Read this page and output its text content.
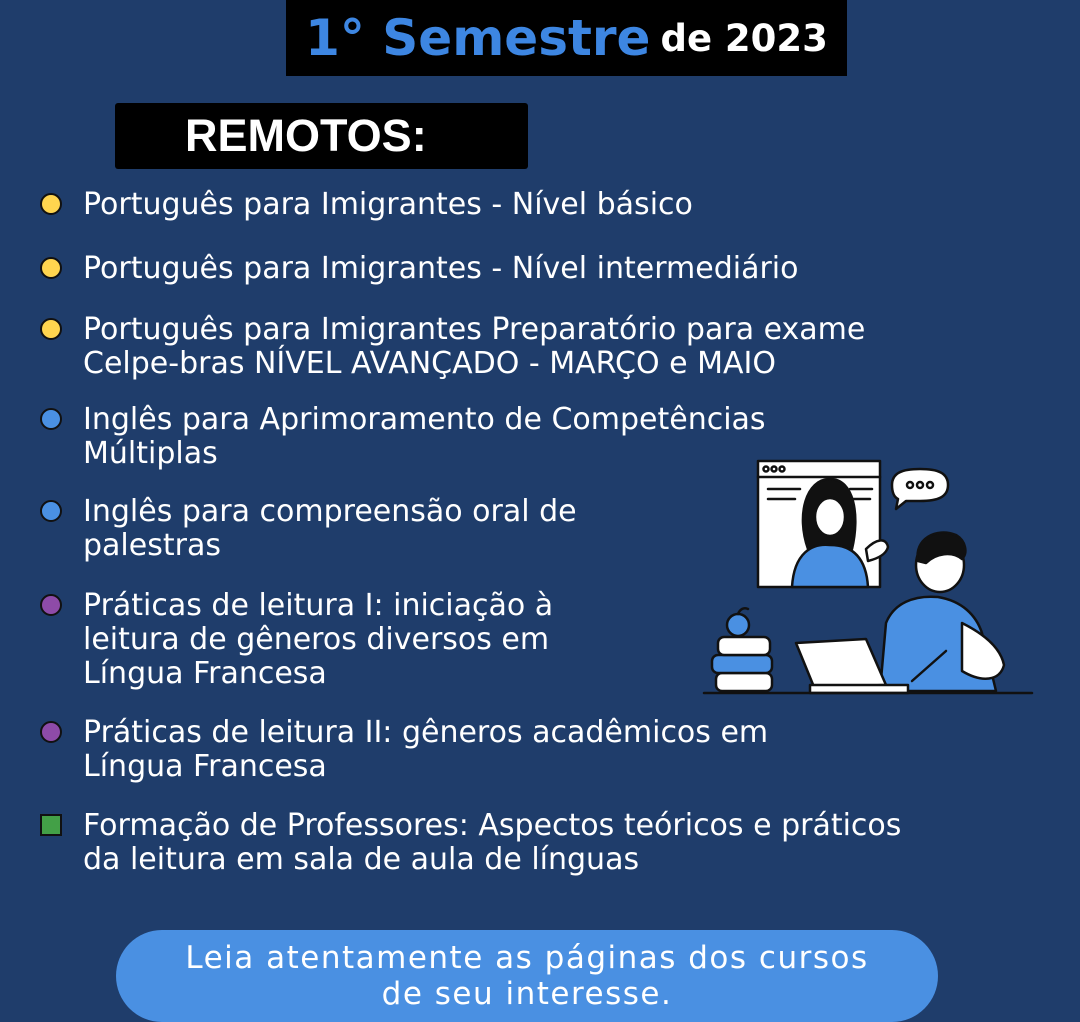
1° Semestre de 2023
REMOTOS:
Português para Imigrantes - Nível básico
Português para Imigrantes - Nível intermediário
Português para Imigrantes Preparatório para exame
Celpe-bras NÍVEL AVANÇADO - MARÇO e MAIO
Inglês para Aprimoramento de Competências
Múltiplas
Inglês para compreensão oral de
palestras
Práticas de leitura I: iniciação à
leitura de gêneros diversos em
Língua Francesa
Práticas de leitura II: gêneros acadêmicos em
Língua Francesa
Formação de Professores: Aspectos teóricos e práticos
da leitura em sala de aula de línguas
Leia atentamente as páginas dos cursos
de seu interesse.
